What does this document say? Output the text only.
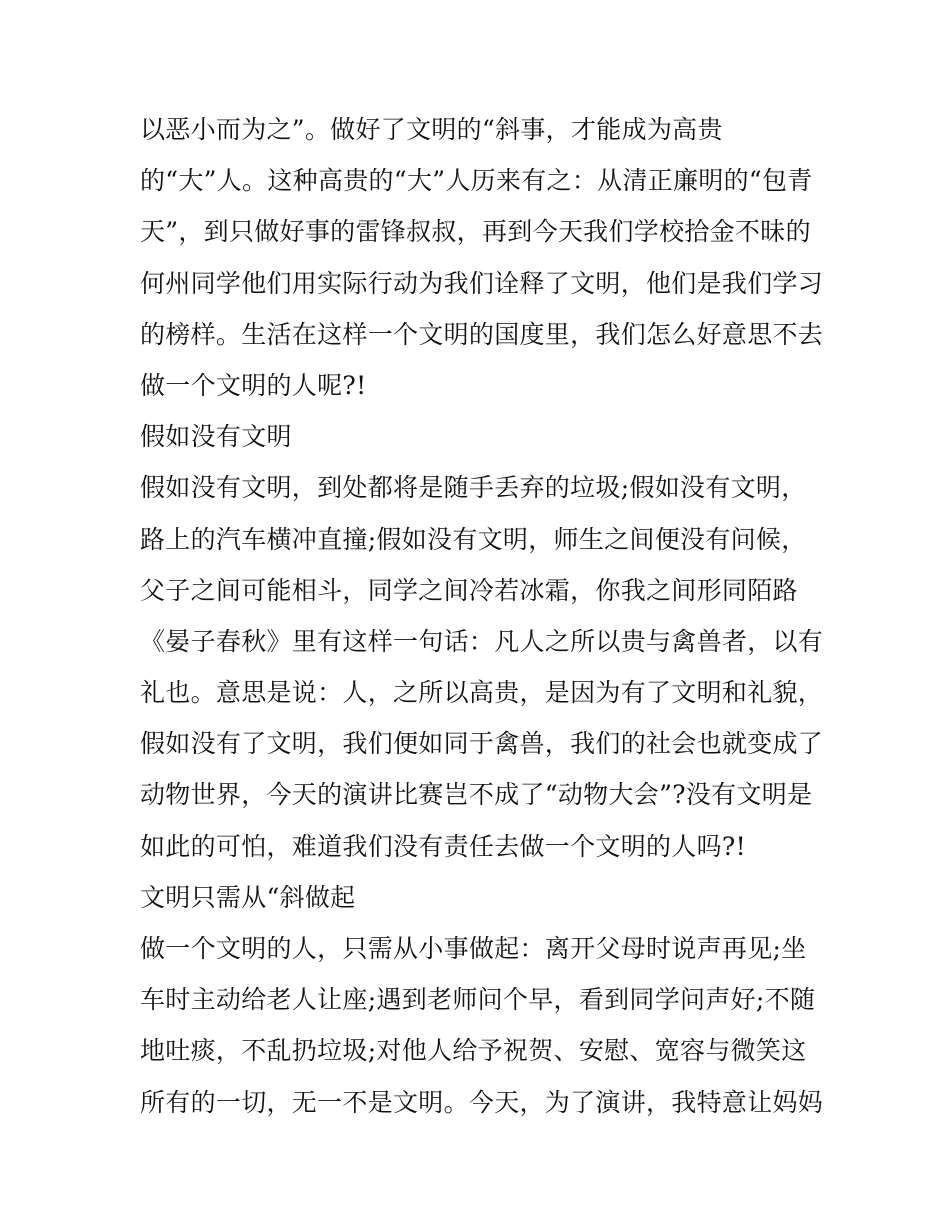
以恶小而为之”。做好了文明的“斜事，才能成为高贵
的“大”人。这种高贵的“大”人历来有之：从清正廉明的“包青
天”，到只做好事的雷锋叔叔，再到今天我们学校拾金不昧的
何州同学他们用实际行动为我们诠释了文明，他们是我们学习
的榜样。生活在这样一个文明的国度里，我们怎么好意思不去
做一个文明的人呢?!
假如没有文明
假如没有文明，到处都将是随手丢弃的垃圾;假如没有文明，
路上的汽车横冲直撞;假如没有文明，师生之间便没有问候，
父子之间可能相斗，同学之间冷若冰霜，你我之间形同陌路
《晏子春秋》里有这样一句话：凡人之所以贵与禽兽者，以有
礼也。意思是说：人，之所以高贵，是因为有了文明和礼貌，
假如没有了文明，我们便如同于禽兽，我们的社会也就变成了
动物世界，今天的演讲比赛岂不成了“动物大会”?没有文明是
如此的可怕，难道我们没有责任去做一个文明的人吗?!
文明只需从“斜做起
做一个文明的人，只需从小事做起：离开父母时说声再见;坐
车时主动给老人让座;遇到老师问个早，看到同学问声好;不随
地吐痰，不乱扔垃圾;对他人给予祝贺、安慰、宽容与微笑这
所有的一切，无一不是文明。今天，为了演讲，我特意让妈妈
